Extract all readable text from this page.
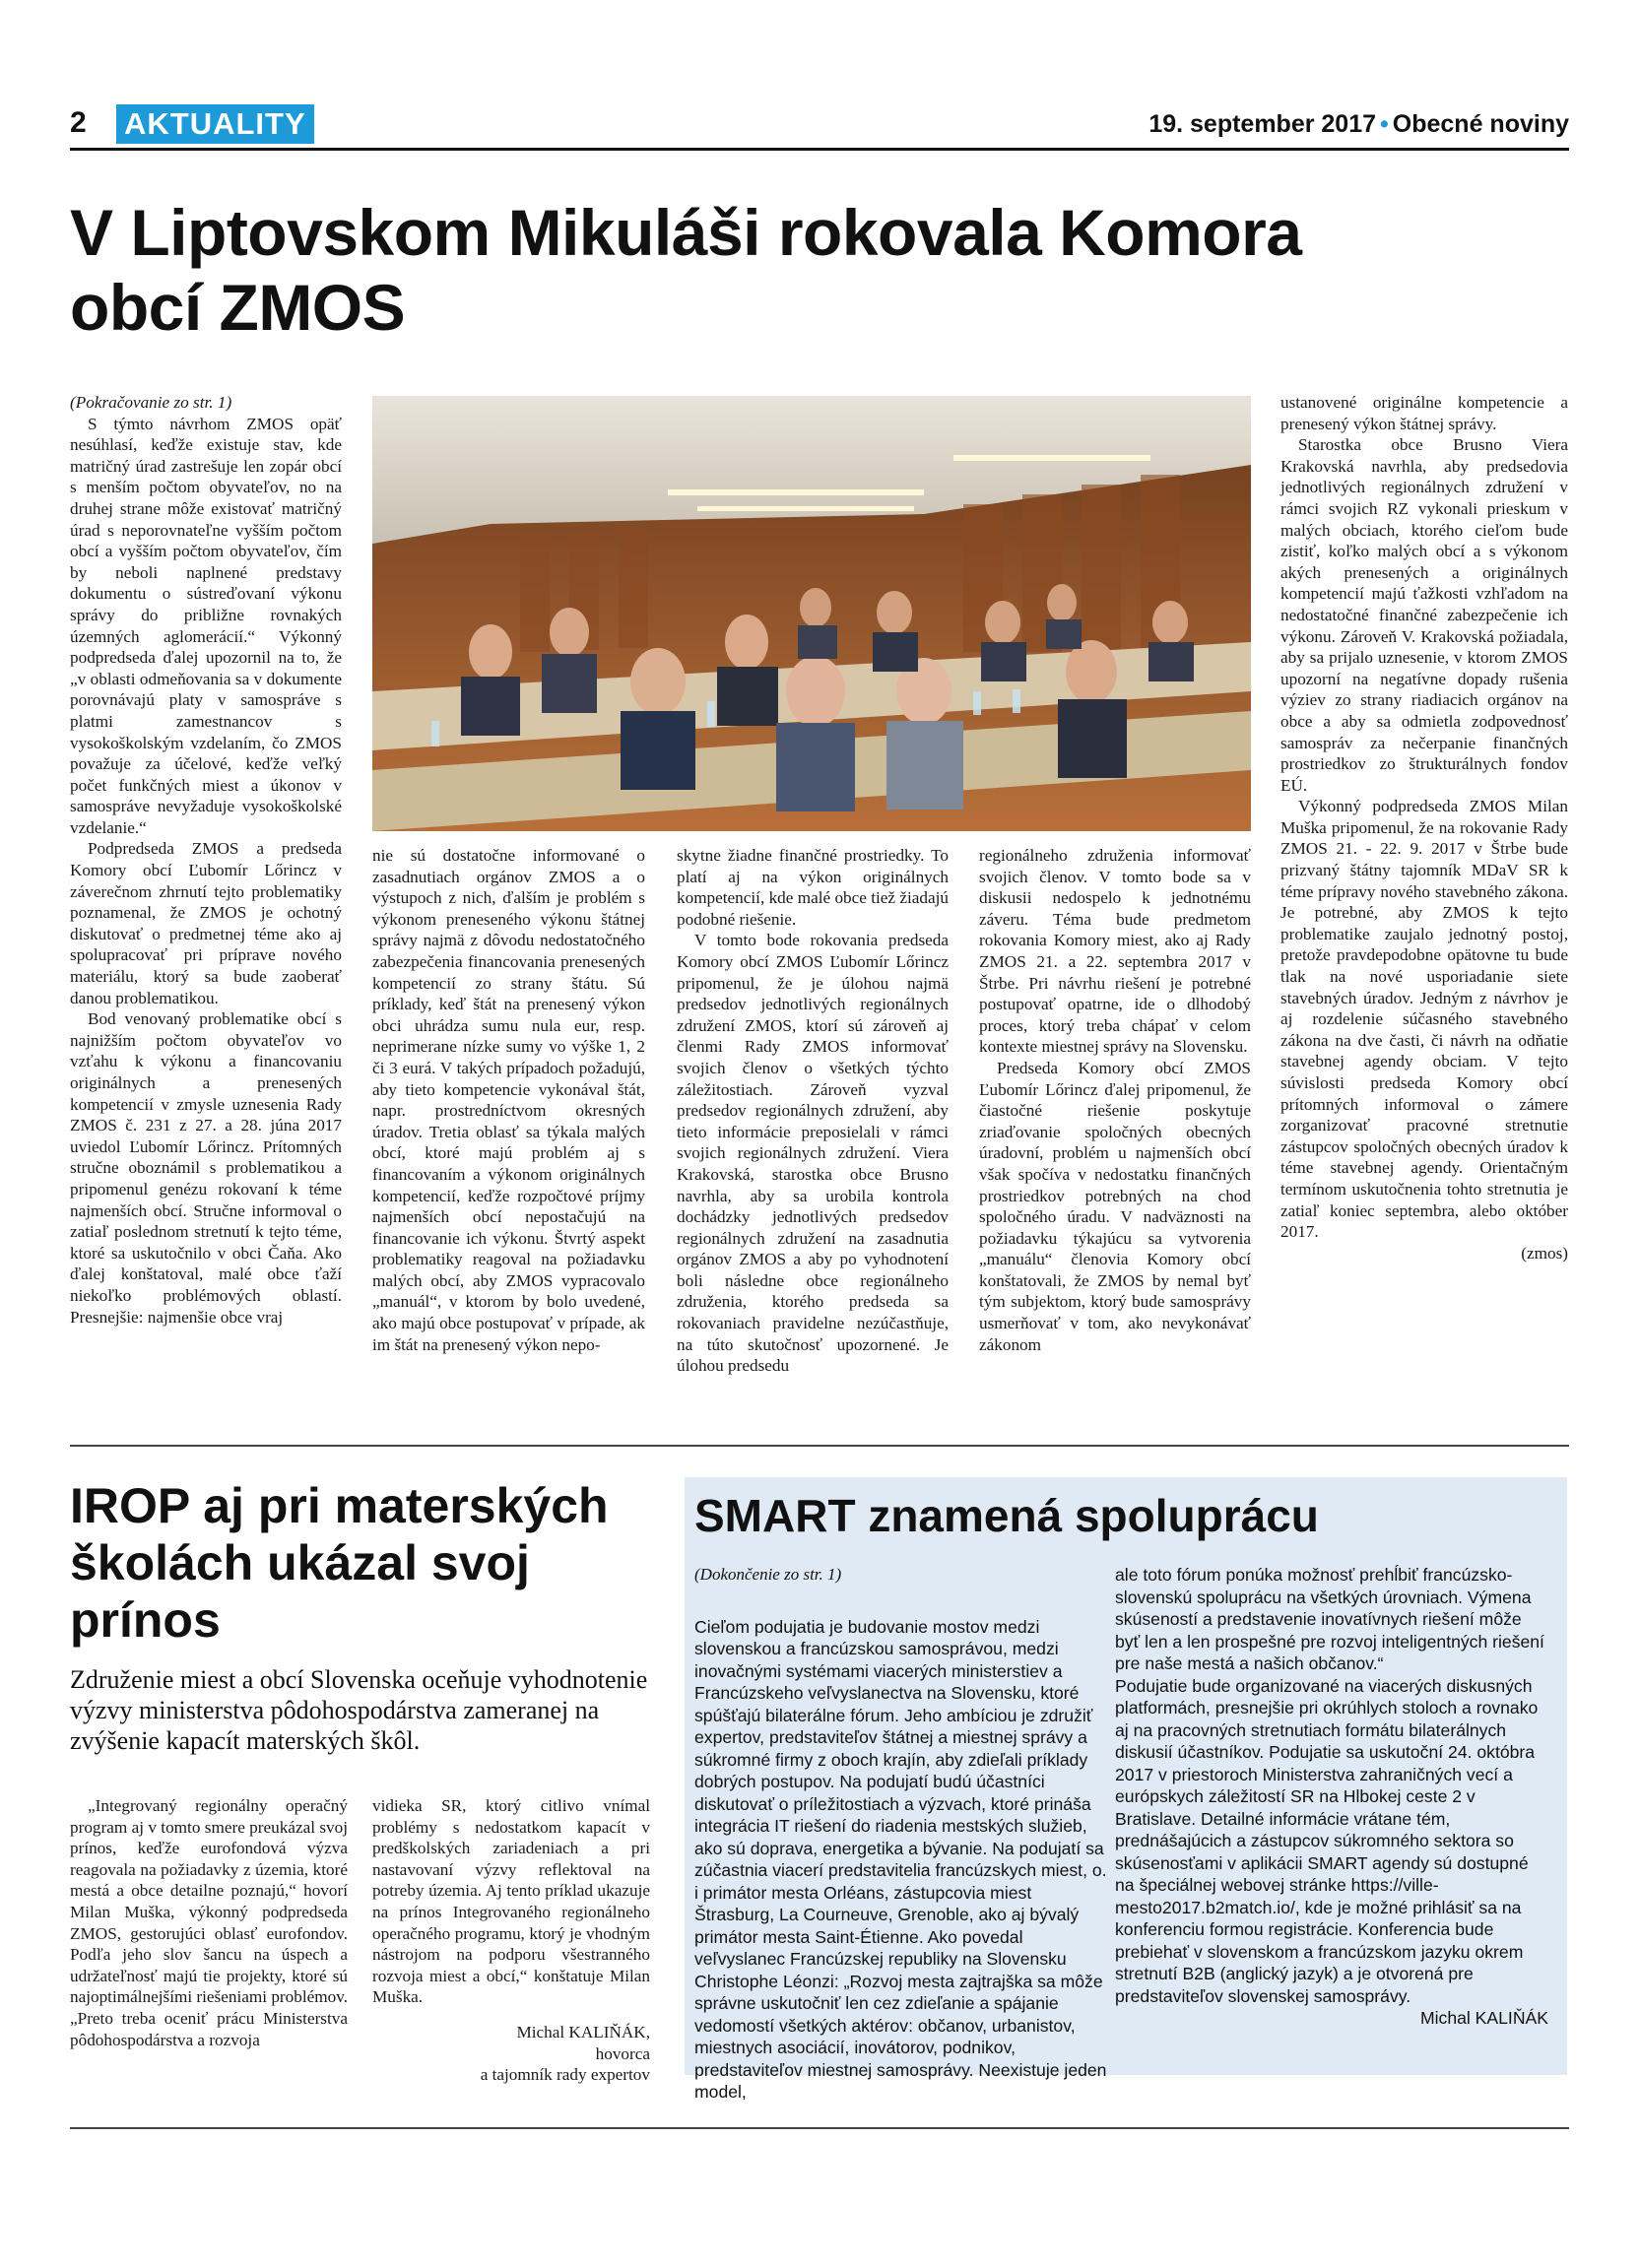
2 AKTUALITY	19. september 2017 • Obecné noviny
V Liptovskom Mikuláši rokovala Komora obcí ZMOS

(Pokračovanie zo str. 1)

S týmto návrhom ZMOS opäť nesúhlasí, keďže existuje stav, kde matričný úrad zastrešuje len zopár obcí s menším počtom obyvateľov, no na druhej strane môže existovať matričný úrad s neporovnateľne vyšším počtom obcí a vyšším počtom obyvateľov, čím by neboli naplnené predstavy dokumentu o sústreďovaní výkonu správy do približne rovnakých územných aglomerácií.“ Výkonný podpredseda ďalej upozornil na to, že „v oblasti odmeňovania sa v dokumente porovnávajú platy v samospráve s platmi zamestnancov s vysokoškolským vzdelaním, čo ZMOS považuje za účelové, keďže veľký počet funkčných miest a úkonov v samospráve nevyžaduje vysokoškolské vzdelanie.“

Podpredseda ZMOS a predseda Komory obcí Ľubomír Lőrincz v záverečnom zhrnutí tejto problematiky poznamenal, že ZMOS je ochotný diskutovať o predmetnej téme ako aj spolupracovať pri príprave nového materiálu, ktorý sa bude zaoberať danou problematikou.

Bod venovaný problematike obcí s najnižším počtom obyvateľov vo vzťahu k výkonu a financovaniu originálnych a prenesených kompetencií v zmysle uznesenia Rady ZMOS č. 231 z 27. a 28. júna 2017 uviedol Ľubomír Lőrincz. Prítomných stručne oboznámil s problematikou a pripomenul genézu rokovaní k téme najmenších obcí. Stručne informoval o zatiaľ poslednom stretnutí k tejto téme, ktoré sa uskutočnilo v obci Čaňa. Ako ďalej konštatoval, malé obce ťaží niekoľko problémových oblastí. Presnejšie: najmenšie obce vraj

nie sú dostatočne informované o zasadnutiach orgánov ZMOS a o výstupoch z nich, ďalším je problém s výkonom preneseného výkonu štátnej správy najmä z dôvodu nedostatočného zabezpečenia financovania prenesených kompetencií zo strany štátu. Sú príklady, keď štát na prenesený výkon obci uhrádza sumu nula eur, resp. neprimerane nízke sumy vo výške 1, 2 či 3 eurá. V takých prípadoch požadujú, aby tieto kompetencie vykonával štát, napr. prostredníctvom okresných úradov. Tretia oblasť sa týkala malých obcí, ktoré majú problém aj s financovaním a výkonom originálnych kompetencií, keďže rozpočtové príjmy najmenších obcí nepostačujú na financovanie ich výkonu. Štvrtý aspekt problematiky reagoval na požiadavku malých obcí, aby ZMOS vypracovalo „manuál“, v ktorom by bolo uvedené, ako majú obce postupovať v prípade, ak im štát na prenesený výkon nepo-

skytne žiadne finančné prostriedky. To platí aj na výkon originálnych kompetencií, kde malé obce tiež žiadajú podobné riešenie.

V tomto bode rokovania predseda Komory obcí ZMOS Ľubomír Lőrincz pripomenul, že je úlohou najmä predsedov jednotlivých regionálnych združení ZMOS, ktorí sú zároveň aj členmi Rady ZMOS informovať svojich členov o všetkých týchto záležitostiach. Zároveň vyzval predsedov regionálnych združení, aby tieto informácie preposielali v rámci svojich regionálnych združení. Viera Krakovská, starostka obce Brusno navrhla, aby sa urobila kontrola dochádzky jednotlivých predsedov regionálnych združení na zasadnutia orgánov ZMOS a aby po vyhodnotení boli následne obce regionálneho združenia, ktorého predseda sa rokovaniach pravidelne nezúčastňuje, na túto skutočnosť upozornené. Je úlohou predsedu

regionálneho združenia informovať svojich členov. V tomto bode sa v diskusii nedospelo k jednotnému záveru. Téma bude predmetom rokovania Komory miest, ako aj Rady ZMOS 21. a 22. septembra 2017 v Štrbe. Pri návrhu riešení je potrebné postupovať opatrne, ide o dlhodobý proces, ktorý treba chápať v celom kontexte miestnej správy na Slovensku.

Predseda Komory obcí ZMOS Ľubomír Lőrincz ďalej pripomenul, že čiastočné riešenie poskytuje zriaďovanie spoločných obecných úradovní, problém u najmenších obcí však spočíva v nedostatku finančných prostriedkov potrebných na chod spoločného úradu. V nadväznosti na požiadavku týkajúcu sa vytvorenia „manuálu“ členovia Komory obcí konštatovali, že ZMOS by nemal byť tým subjektom, ktorý bude samosprávy usmerňovať v tom, ako nevykonávať zákonom

ustanovené originálne kompetencie a prenesený výkon štátnej správy.

Starostka obce Brusno Viera Krakovská navrhla, aby predsedovia jednotlivých regionálnych združení v rámci svojich RZ vykonali prieskum v malých obciach, ktorého cieľom bude zistiť, koľko malých obcí a s výkonom akých prenesených a originálnych kompetencií majú ťažkosti vzhľadom na nedostatočné finančné zabezpečenie ich výkonu. Zároveň V. Krakovská požiadala, aby sa prijalo uznesenie, v ktorom ZMOS upozorní na negatívne dopady rušenia výziev zo strany riadiacich orgánov na obce a aby sa odmietla zodpovednosť samospráv za nečerpanie finančných prostriedkov zo štrukturálnych fondov EÚ.

Výkonný podpredseda ZMOS Milan Muška pripomenul, že na rokovanie Rady ZMOS 21. - 22. 9. 2017 v Štrbe bude prizvaný štátny tajomník MDaV SR k téme prípravy nového stavebného zákona. Je potrebné, aby ZMOS k tejto problematike zaujalo jednotný postoj, pretože pravdepodobne opätovne tu bude tlak na nové usporiadanie siete stavebných úradov. Jedným z návrhov je aj rozdelenie súčasného stavebného zákona na dve časti, či návrh na odňatie stavebnej agendy obciam. V tejto súvislosti predseda Komory obcí prítomných informoval o zámere zorganizovať pracovné stretnutie zástupcov spoločných obecných úradov k téme stavebnej agendy. Orientačným termínom uskutočnenia tohto stretnutia je zatiaľ koniec septembra, alebo október 2017.

(zmos)

IROP aj pri materských školách ukázal svoj prínos

Združenie miest a obcí Slovenska oceňuje vyhodnotenie výzvy ministerstva pôdohospodárstva zameranej na zvýšenie kapacít materských škôl.

„Integrovaný regionálny operačný program aj v tomto smere preukázal svoj prínos, keďže eurofondová výzva reagovala na požiadavky z územia, ktoré mestá a obce detailne poznajú,“ hovorí Milan Muška, výkonný podpredseda ZMOS, gestorujúci oblasť eurofondov. Podľa jeho slov šancu na úspech a udržateľnosť majú tie projekty, ktoré sú najoptimálnejšími riešeniami problémov. „Preto treba oceniť prácu Ministerstva pôdohospodárstva a rozvoja

vidieka SR, ktorý citlivo vnímal problémy s nedostatkom kapacít v predškolských zariadeniach a pri nastavovaní výzvy reflektoval na potreby územia. Aj tento príklad ukazuje na prínos Integrovaného regionálneho operačného programu, ktorý je vhodným nástrojom na podporu všestranného rozvoja miest a obcí,“ konštatuje Milan Muška.

Michal KALIŇÁK,

hovorca

a tajomník rady expertov

SMART znamená spoluprácu

(Dokončenie zo str. 1)

Cieľom podujatia je budovanie mostov medzi slovenskou a francúzskou samosprávou, medzi inovačnými systémami viacerých ministerstiev a Francúzskeho veľvyslanectva na Slovensku, ktoré spúšťajú bilaterálne fórum. Jeho ambíciou je združiť expertov, predstaviteľov štátnej a miestnej správy a súkromné firmy z oboch krajín, aby zdieľali príklady dobrých postupov. Na podujatí budú účastníci diskutovať o príležitostiach a výzvach, ktoré prináša integrácia IT riešení do riadenia mestských služieb, ako sú doprava, energetika a bývanie. Na podujatí sa zúčastnia viacerí predstavitelia francúzskych miest, o. i primátor mesta Orléans, zástupcovia miest Štrasburg, La Courneuve, Grenoble, ako aj bývalý primátor mesta Saint-Étienne. Ako povedal veľvyslanec Francúzskej republiky na Slovensku Christophe Léonzi: „Rozvoj mesta zajtrajška sa môže správne uskutočniť len cez zdieľanie a spájanie vedomostí všetkých aktérov: občanov, urbanistov, miestnych asociácií, inovátorov, podnikov, predstaviteľov miestnej samosprávy. Neexistuje jeden model,

ale toto fórum ponúka možnosť prehĺbiť francúzsko-slovenskú spoluprácu na všetkých úrovniach. Výmena skúseností a predstavenie inovatívnych riešení môže byť len a len prospešné pre rozvoj inteligentných riešení pre naše mestá a našich občanov.“

Podujatie bude organizované na viacerých diskusných platformách, presnejšie pri okrúhlych stoloch a rovnako aj na pracovných stretnutiach formátu bilaterálnych diskusií účastníkov. Podujatie sa uskutoční 24. októbra 2017 v priestoroch Ministerstva zahraničných vecí a európskych záležitostí SR na Hlbokej ceste 2 v Bratislave. Detailné informácie vrátane tém, prednášajúcich a zástupcov súkromného sektora so skúsenosťami v aplikácii SMART agendy sú dostupné na špeciálnej webovej stránke https://ville-mesto2017.b2match.io/, kde je možné prihlásiť sa na konferenciu formou registrácie. Konferencia bude prebiehať v slovenskom a francúzskom jazyku okrem stretnutí B2B (anglický jazyk) a je otvorená pre predstaviteľov slovenskej samosprávy.

Michal KALIŇÁK
